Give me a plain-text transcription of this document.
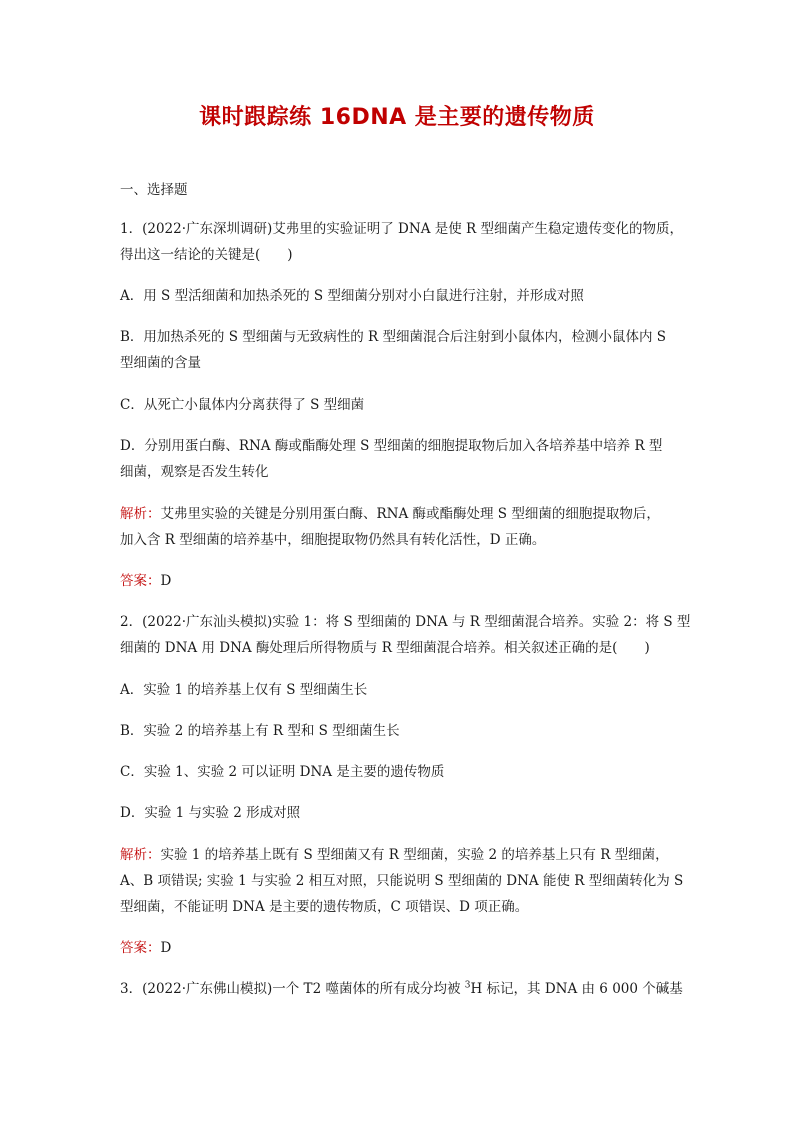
课时跟踪练 16DNA 是主要的遗传物质
一、选择题
1．(2022·广东深圳调研)艾弗里的实验证明了 DNA 是使 R 型细菌产生稳定遗传变化的物质，
得出这一结论的关键是(　　)
A．用 S 型活细菌和加热杀死的 S 型细菌分别对小白鼠进行注射，并形成对照
B．用加热杀死的 S 型细菌与无致病性的 R 型细菌混合后注射到小鼠体内，检测小鼠体内 S
型细菌的含量
C．从死亡小鼠体内分离获得了 S 型细菌
D．分别用蛋白酶、RNA 酶或酯酶处理 S 型细菌的细胞提取物后加入各培养基中培养 R 型
细菌，观察是否发生转化
解析：艾弗里实验的关键是分别用蛋白酶、RNA 酶或酯酶处理 S 型细菌的细胞提取物后，
加入含 R 型细菌的培养基中，细胞提取物仍然具有转化活性，D 正确。
答案：D
2．(2022·广东汕头模拟)实验 1：将 S 型细菌的 DNA 与 R 型细菌混合培养。实验 2：将 S 型
细菌的 DNA 用 DNA 酶处理后所得物质与 R 型细菌混合培养。相关叙述正确的是(　　)
A．实验 1 的培养基上仅有 S 型细菌生长
B．实验 2 的培养基上有 R 型和 S 型细菌生长
C．实验 1、实验 2 可以证明 DNA 是主要的遗传物质
D．实验 1 与实验 2 形成对照
解析：实验 1 的培养基上既有 S 型细菌又有 R 型细菌，实验 2 的培养基上只有 R 型细菌，
A、B 项错误; 实验 1 与实验 2 相互对照，只能说明 S 型细菌的 DNA 能使 R 型细菌转化为 S
型细菌，不能证明 DNA 是主要的遗传物质，C 项错误、D 项正确。
答案：D
3．(2022·广东佛山模拟)一个 T2 噬菌体的所有成分均被 $^3$H 标记，其 DNA 由 6 000 个碱基
